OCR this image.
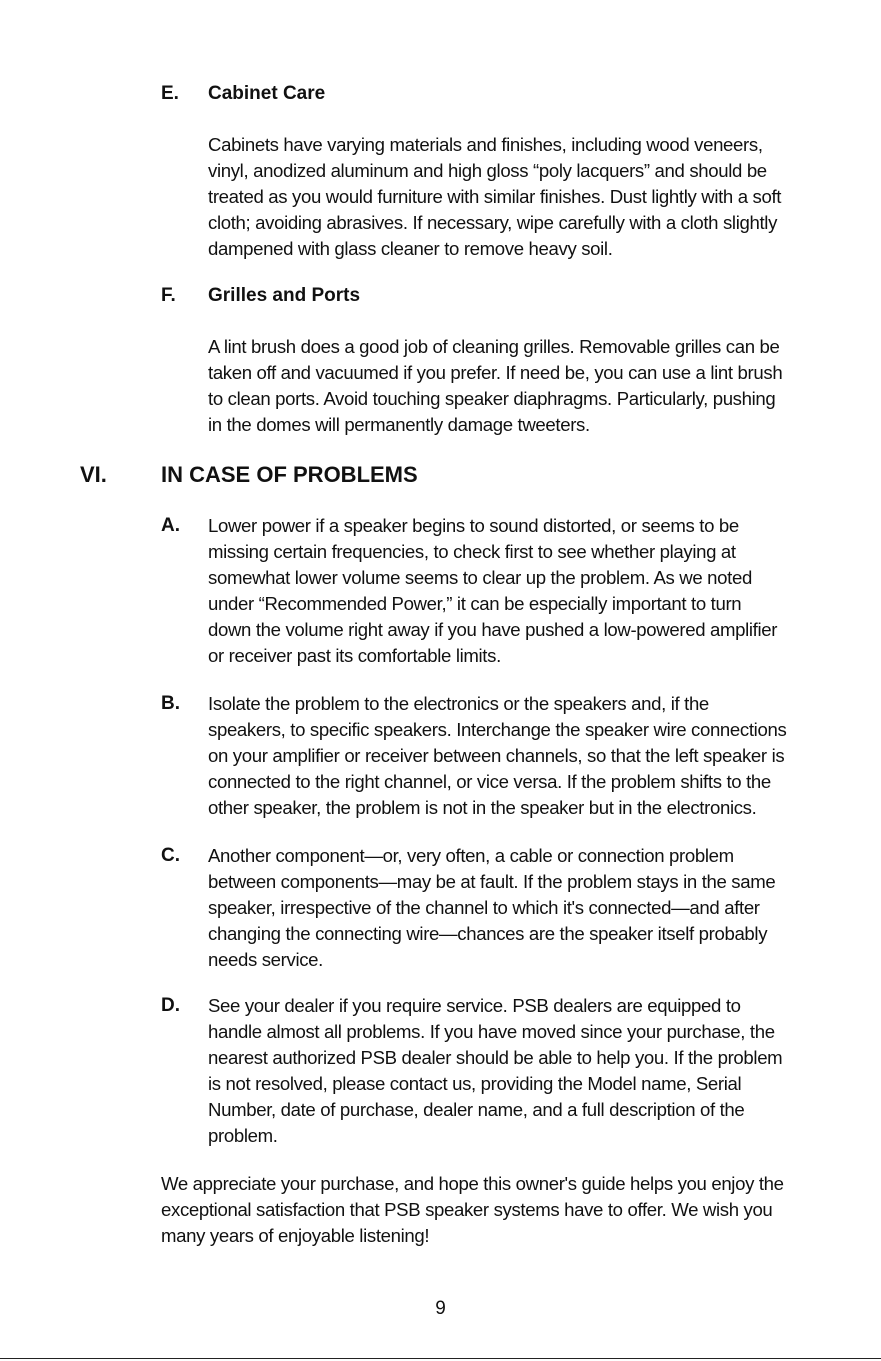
E. Cabinet Care
Cabinets have varying materials and finishes, including wood veneers,
vinyl, anodized aluminum and high gloss “poly lacquers” and should be
treated as you would furniture with similar finishes. Dust lightly with a soft
cloth; avoiding abrasives. If necessary, wipe carefully with a cloth slightly
dampened with glass cleaner to remove heavy soil.
F. Grilles and Ports
A lint brush does a good job of cleaning grilles. Removable grilles can be
taken off and vacuumed if you prefer. If need be, you can use a lint brush
to clean ports. Avoid touching speaker diaphragms. Particularly, pushing
in the domes will permanently damage tweeters.
VI. IN CASE OF PROBLEMS
A. Lower power if a speaker begins to sound distorted, or seems to be
missing certain frequencies, to check first to see whether playing at
somewhat lower volume seems to clear up the problem. As we noted
under “Recommended Power,” it can be especially important to turn
down the volume right away if you have pushed a low-powered amplifier
or receiver past its comfortable limits.
B. Isolate the problem to the electronics or the speakers and, if the
speakers, to specific speakers. Interchange the speaker wire connections
on your amplifier or receiver between channels, so that the left speaker is
connected to the right channel, or vice versa. If the problem shifts to the
other speaker, the problem is not in the speaker but in the electronics.
C. Another component—or, very often, a cable or connection problem
between components—may be at fault. If the problem stays in the same
speaker, irrespective of the channel to which it's connected—and after
changing the connecting wire—chances are the speaker itself probably
needs service.
D. See your dealer if you require service. PSB dealers are equipped to
handle almost all problems. If you have moved since your purchase, the
nearest authorized PSB dealer should be able to help you. If the problem
is not resolved, please contact us, providing the Model name, Serial
Number, date of purchase, dealer name, and a full description of the
problem.
We appreciate your purchase, and hope this owner's guide helps you enjoy the
exceptional satisfaction that PSB speaker systems have to offer. We wish you
many years of enjoyable listening!
9
